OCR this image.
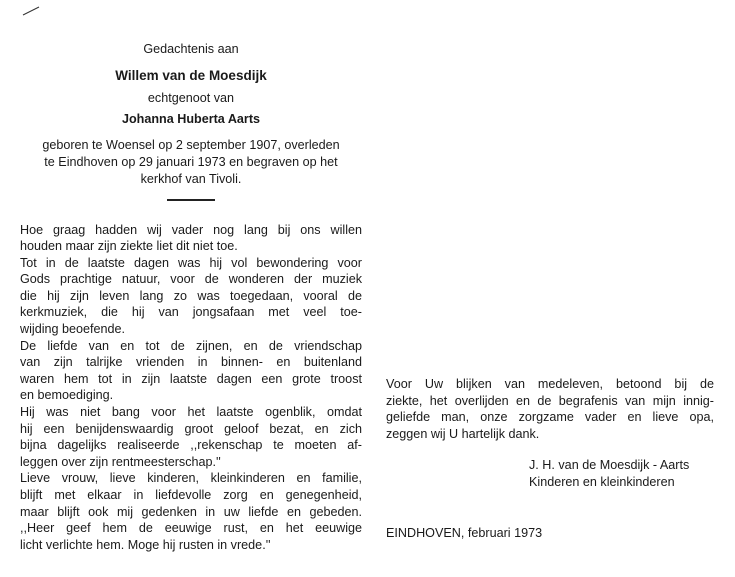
Gedachtenis aan
Willem van de Moesdijk
echtgenoot van
Johanna Huberta Aarts
geboren te Woensel op 2 september 1907, overleden
te Eindhoven op 29 januari 1973 en begraven op het
kerkhof van Tivoli.
Hoe graag hadden wij vader nog lang bij ons willen
houden maar zijn ziekte liet dit niet toe.
Tot in de laatste dagen was hij vol bewondering voor
Gods prachtige natuur, voor de wonderen der muziek
die hij zijn leven lang zo was toegedaan, vooral de
kerkmuziek, die hij van jongsafaan met veel toe-
wijding beoefende.
De liefde van en tot de zijnen, en de vriendschap
van zijn talrijke vrienden in binnen- en buitenland
waren hem tot in zijn laatste dagen een grote troost
en bemoediging.
Hij was niet bang voor het laatste ogenblik, omdat
hij een benijdenswaardig groot geloof bezat, en zich
bijna dagelijks realiseerde ,,rekenschap te moeten af-
leggen over zijn rentmeesterschap.''
Lieve vrouw, lieve kinderen, kleinkinderen en familie,
blijft met elkaar in liefdevolle zorg en genegenheid,
maar blijft ook mij gedenken in uw liefde en gebeden.
,,Heer geef hem de eeuwige rust, en het eeuwige
licht verlichte hem. Moge hij rusten in vrede.''
Voor Uw blijken van medeleven, betoond bij de
ziekte, het overlijden en de begrafenis van mijn innig-
geliefde man, onze zorgzame vader en lieve opa,
zeggen wij U hartelijk dank.
J. H. van de Moesdijk - Aarts
Kinderen en kleinkinderen
EINDHOVEN, februari 1973
